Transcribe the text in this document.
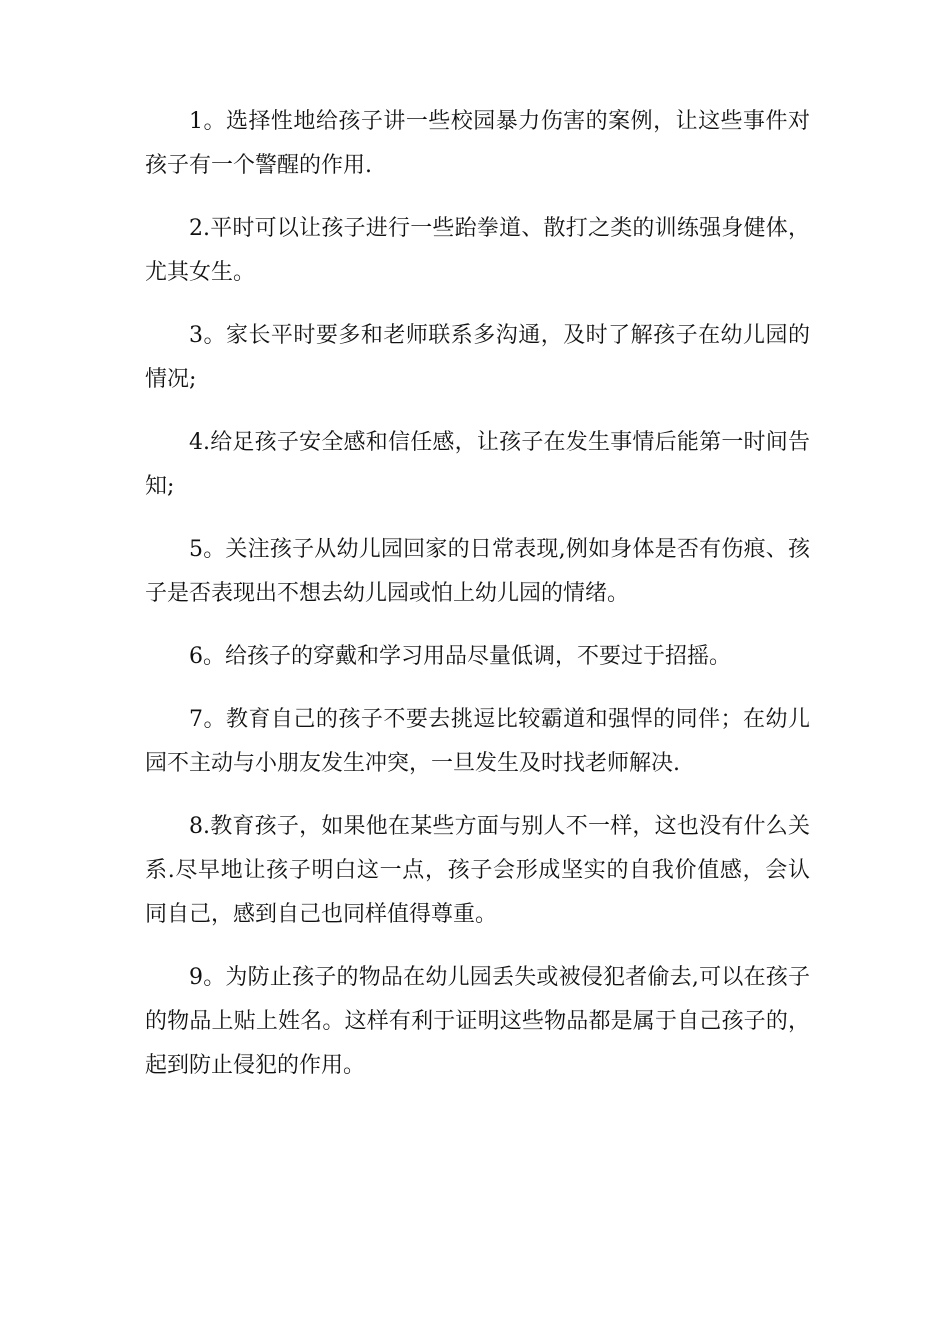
1。选择性地给孩子讲一些校园暴力伤害的案例，让这些事件对孩子有一个警醒的作用.

2.平时可以让孩子进行一些跆拳道、散打之类的训练强身健体，尤其女生。

3。家长平时要多和老师联系多沟通，及时了解孩子在幼儿园的情况;

4.给足孩子安全感和信任感，让孩子在发生事情后能第一时间告知;

5。关注孩子从幼儿园回家的日常表现,例如身体是否有伤痕、孩子是否表现出不想去幼儿园或怕上幼儿园的情绪。

6。给孩子的穿戴和学习用品尽量低调，不要过于招摇。

7。教育自己的孩子不要去挑逗比较霸道和强悍的同伴；在幼儿园不主动与小朋友发生冲突，一旦发生及时找老师解决.

8.教育孩子，如果他在某些方面与别人不一样，这也没有什么关系.尽早地让孩子明白这一点，孩子会形成坚实的自我价值感，会认同自己，感到自己也同样值得尊重。

9。为防止孩子的物品在幼儿园丢失或被侵犯者偷去,可以在孩子的物品上贴上姓名。这样有利于证明这些物品都是属于自己孩子的，起到防止侵犯的作用。
